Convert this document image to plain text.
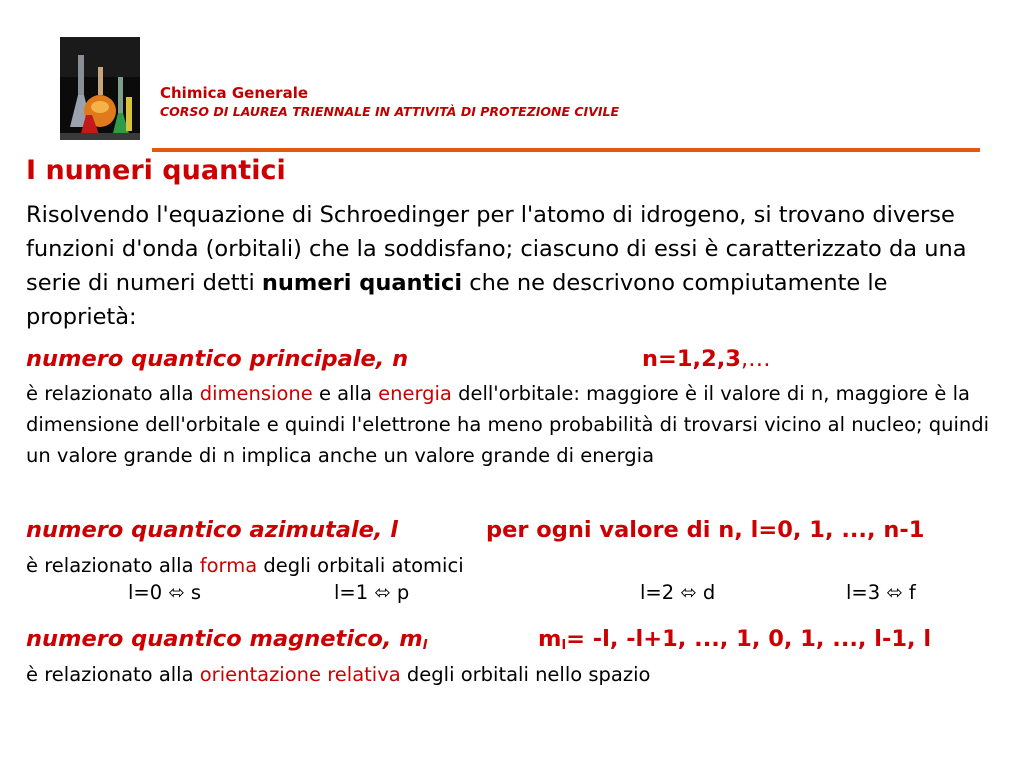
Chimica Generale
CORSO DI LAUREA TRIENNALE IN ATTIVITÀ DI PROTEZIONE CIVILE
I numeri quantici
Risolvendo l'equazione di Schroedinger per l'atomo di idrogeno, si trovano diverse funzioni d'onda (orbitali) che la soddisfano; ciascuno di essi è caratterizzato da una serie di numeri detti numeri quantici che ne descrivono compiutamente le proprietà:
numero quantico principale, n	n=1,2,3,…
è relazionato alla dimensione e alla energia dell'orbitale: maggiore è il valore di n, maggiore è la dimensione dell'orbitale e quindi l'elettrone ha meno probabilità di trovarsi vicino al nucleo; quindi un valore grande di n implica anche un valore grande di energia
numero quantico azimutale, l	per ogni valore di n, l=0, 1, ..., n-1
è relazionato alla forma degli orbitali atomici
l=0 ⬄ s	l=1 ⬄ p	l=2 ⬄ d	l=3 ⬄ f
numero quantico magnetico, $m_l$	$m_l= -l$, -l+1, ..., 1, 0, 1, ..., l-1, l
è relazionato alla orientazione relativa degli orbitali nello spazio
